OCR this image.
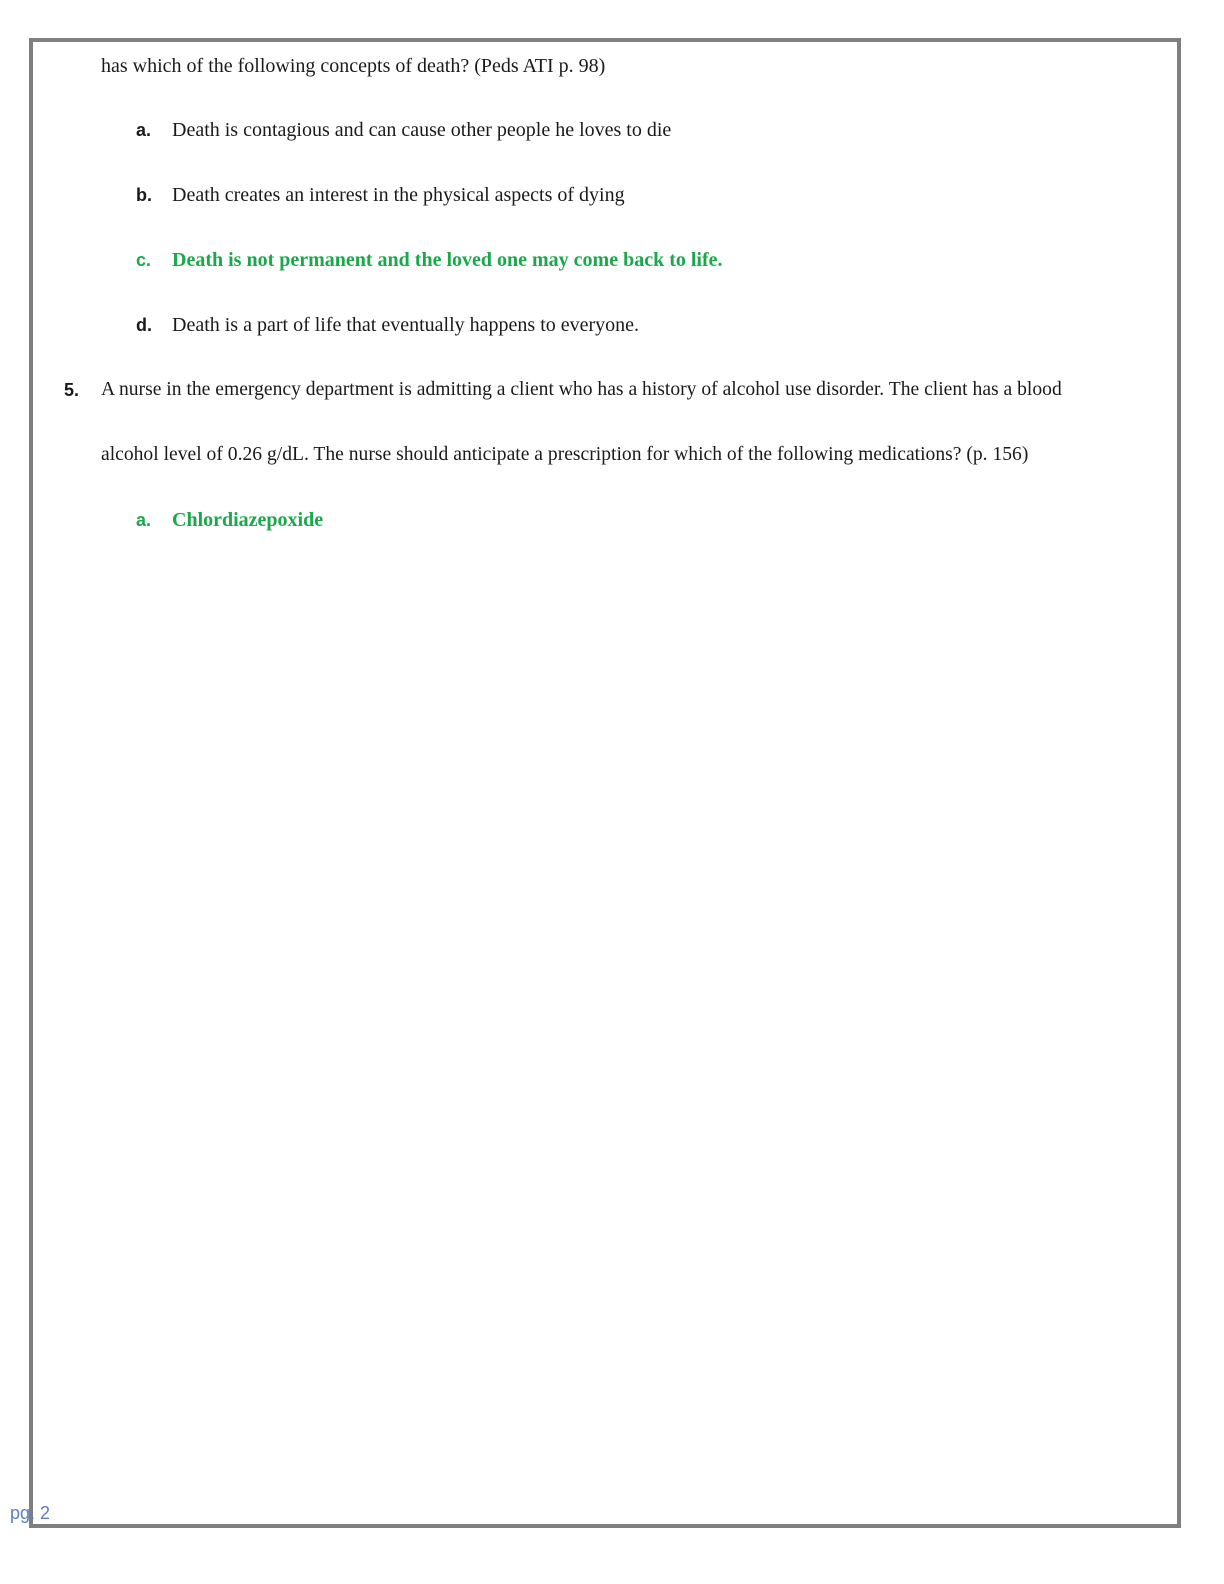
has which of the following concepts of death? (Peds ATI p. 98)
a. Death is contagious and can cause other people he loves to die
b. Death creates an interest in the physical aspects of dying
c. Death is not permanent and the loved one may come back to life.
d. Death is a part of life that eventually happens to everyone.
5. A nurse in the emergency department is admitting a client who has a history of alcohol use disorder. The client has a blood
alcohol level of 0.26 g/dL. The nurse should anticipate a prescription for which of the following medications? (p. 156)
a. Chlordiazepoxide
pg. 2
